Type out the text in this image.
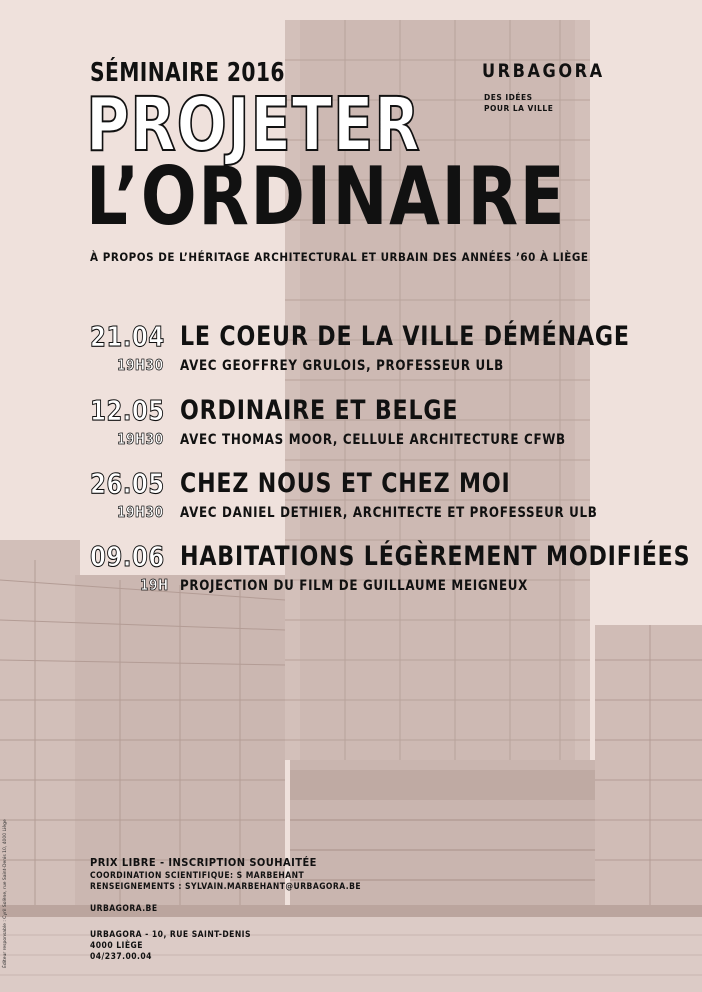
SÉMINAIRE 2016	URBAGORA
DES IDÉES
POUR LA VILLE
PROJETER
L’ORDINAIRE
À PROPOS DE L’HÉRITAGE ARCHITECTURAL ET URBAIN DES ANNÉES ’60 À LIÈGE
21.04
19H30
LE COEUR DE LA VILLE DÉMÉNAGE
AVEC GEOFFREY GRULOIS, PROFESSEUR ULB
12.05
19H30
ORDINAIRE ET BELGE
AVEC THOMAS MOOR, CELLULE ARCHITECTURE CFWB
26.05
19H30
CHEZ NOUS ET CHEZ MOI
AVEC DANIEL DETHIER, ARCHITECTE ET PROFESSEUR ULB
09.06
19H
HABITATIONS LÉGÈREMENT MODIFIÉES
PROJECTION DU FILM DE GUILLAUME MEIGNEUX
PRIX LIBRE - INSCRIPTION SOUHAITÉE
COORDINATION SCIENTIFIQUE: S MARBEHANT
RENSEIGNEMENTS : SYLVAIN.MARBEHANT@URBAGORA.BE
URBAGORA.BE
URBAGORA - 10, RUE SAINT-DENIS
4000 LIÈGE
04/237.00.04
Éditeur responsable : Cyril Solène, rue Saint-Denis 10, 4000 Liège
